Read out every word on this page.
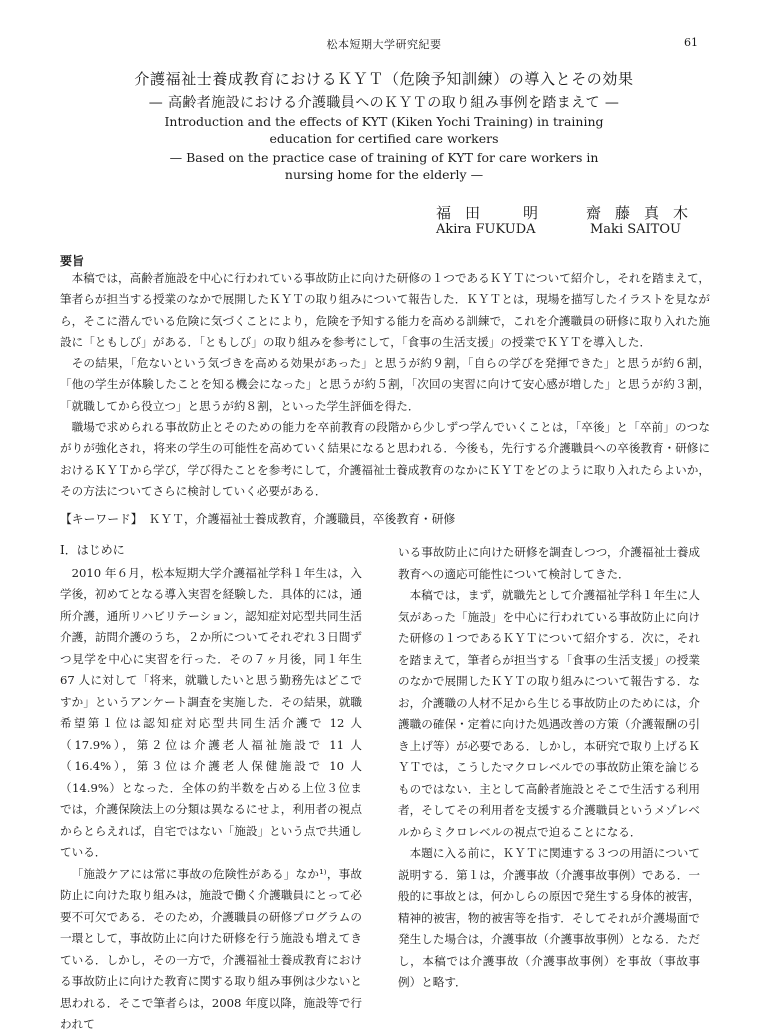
松本短期大学研究紀要	61
介護福祉士養成教育におけるＫＹＴ（危険予知訓練）の導入とその効果
— 高齢者施設における介護職員へのＫＹＴの取り組み事例を踏まえて —
Introduction and the effects of KYT (Kiken Yochi Training) in training
education for certified care workers
— Based on the practice case of training of KYT for care workers in
nursing home for the elderly —
福田　明 齋藤真木
Akira FUKUDA	Maki SAITOU
要旨

本稿では，高齢者施設を中心に行われている事故防止に向けた研修の１つであるＫＹＴについて紹介し，それを踏まえて，筆者らが担当する授業のなかで展開したＫＹＴの取り組みについて報告した．ＫＹＴとは，現場を描写したイラストを見ながら，そこに潜んでいる危険に気づくことにより，危険を予知する能力を高める訓練で，これを介護職員の研修に取り入れた施設に「ともしび」がある．「ともしび」の取り組みを参考にして，「食事の生活支援」の授業でＫＹＴを導入した．

その結果，「危ないという気づきを高める効果があった」と思うが約９割，「自らの学びを発揮できた」と思うが約６割，「他の学生が体験したことを知る機会になった」と思うが約５割，「次回の実習に向けて安心感が増した」と思うが約３割，「就職してから役立つ」と思うが約８割，といった学生評価を得た．

職場で求められる事故防止とそのための能力を卒前教育の段階から少しずつ学んでいくことは，「卒後」と「卒前」のつながりが強化され，将来の学生の可能性を高めていく結果になると思われる．今後も，先行する介護職員への卒後教育・研修におけるＫＹＴから学び，学び得たことを参考にして，介護福祉士養成教育のなかにＫＹＴをどのように取り入れたらよいか，その方法についてさらに検討していく必要がある．

【キーワード】 ＫＹＴ，介護福祉士養成教育，介護職員，卒後教育・研修
Ⅰ．はじめに

2010 年６月，松本短期大学介護福祉学科１年生は，入学後，初めてとなる導入実習を経験した．具体的には，通所介護，通所リハビリテーション，認知症対応型共同生活介護，訪問介護のうち，２か所についてそれぞれ３日間ずつ見学を中心に実習を行った．その７ヶ月後，同１年生 67 人に対して「将来，就職したいと思う勤務先はどこですか」というアンケート調査を実施した．その結果，就職希望第１位は認知症対応型共同生活介護で 12 人（17.9%），第２位は介護老人福祉施設で 11 人（16.4%），第３位は介護老人保健施設で 10 人（14.9%）となった．全体の約半数を占める上位３位までは，介護保険法上の分類は異なるにせよ，利用者の視点からとらえれば，自宅ではない「施設」という点で共通している．

「施設ケアには常に事故の危険性がある」なか¹⁾，事故防止に向けた取り組みは，施設で働く介護職員にとって必要不可欠である．そのため，介護職員の研修プログラムの一環として，事故防止に向けた研修を行う施設も増えてきている．しかし，その一方で，介護福祉士養成教育における事故防止に向けた教育に関する取り組み事例は少ないと思われる．そこで筆者らは，2008 年度以降，施設等で行われて

いる事故防止に向けた研修を調査しつつ，介護福祉士養成教育への適応可能性について検討してきた．

本稿では，まず，就職先として介護福祉学科１年生に人気があった「施設」を中心に行われている事故防止に向けた研修の１つであるＫＹＴについて紹介する．次に，それを踏まえて，筆者らが担当する「食事の生活支援」の授業のなかで展開したＫＹＴの取り組みについて報告する．なお，介護職の人材不足から生じる事故防止のためには，介護職の確保・定着に向けた処遇改善の方策（介護報酬の引き上げ等）が必要である．しかし，本研究で取り上げるＫＹＴでは，こうしたマクロレベルでの事故防止策を論じるものではない．主として高齢者施設とそこで生活する利用者，そしてその利用者を支援する介護職員というメゾレベルからミクロレベルの視点で迫ることになる．

本題に入る前に，ＫＹＴに関連する３つの用語について説明する．第１は，介護事故（介護事故事例）である．一般的に事故とは，何かしらの原因で発生する身体的被害，精神的被害，物的被害等を指す．そしてそれが介護場面で発生した場合は，介護事故（介護事故事例）となる．ただし，本稿では介護事故（介護事故事例）を事故（事故事例）と略す．
